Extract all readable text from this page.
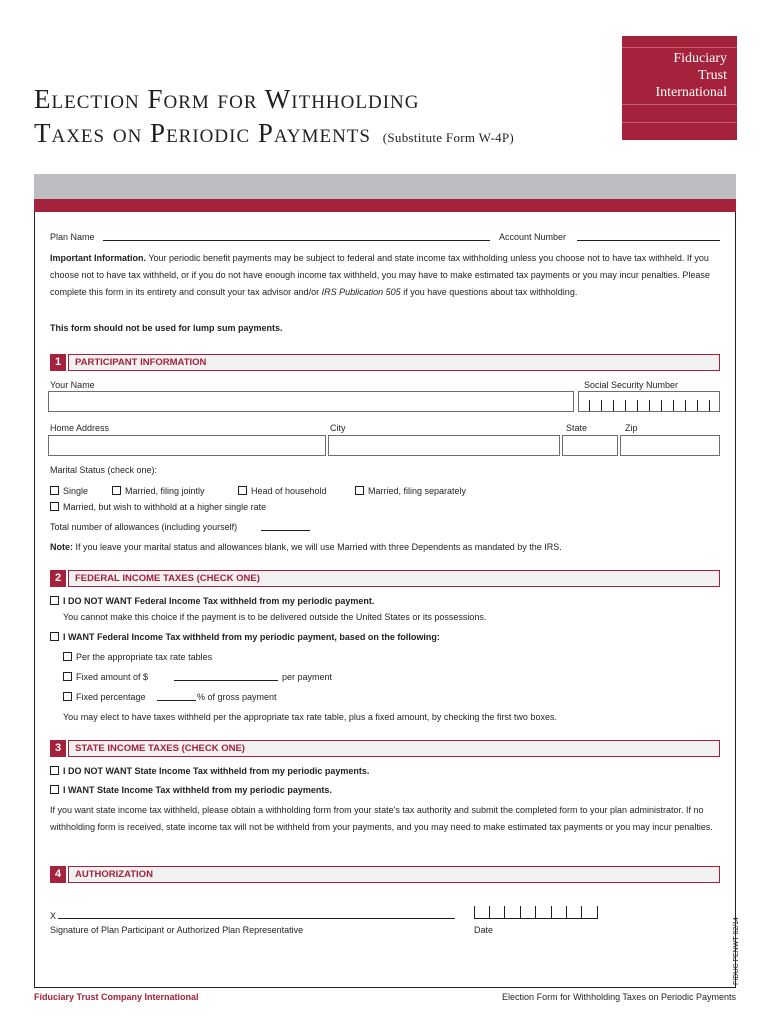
Election Form for Withholding
Taxes on Periodic Payments (Substitute Form W-4P)
Fiduciary
Trust
International
Plan Name	Account Number
Important Information. Your periodic benefit payments may be subject to federal and state income tax withholding unless you choose not to have tax withheld. If you choose not to have tax withheld, or if you do not have enough income tax withheld, you may have to make estimated tax payments or you may incur penalties. Please complete this form in its entirety and consult your tax advisor and/or IRS Publication 505 if you have questions about tax withholding.
This form should not be used for lump sum payments.
1	PARTICIPANT INFORMATION
Your Name	Social Security Number
Home Address	City	State	Zip
Marital Status (check one):
Single	Married, filing jointly	Head of household	Married, filing separately
Married, but wish to withhold at a higher single rate
Total number of allowances (including yourself)
Note: If you leave your marital status and allowances blank, we will use Married with three Dependents as mandated by the IRS.
2	FEDERAL INCOME TAXES (CHECK ONE)
I DO NOT WANT Federal Income Tax withheld from my periodic payment.
You cannot make this choice if the payment is to be delivered outside the United States or its possessions.
I WANT Federal Income Tax withheld from my periodic payment, based on the following:
Per the appropriate tax rate tables
Fixed amount of $	per payment
Fixed percentage	% of gross payment
You may elect to have taxes withheld per the appropriate tax rate table, plus a fixed amount, by checking the first two boxes.
3	STATE INCOME TAXES (CHECK ONE)
I DO NOT WANT State Income Tax withheld from my periodic payments.
I WANT State Income Tax withheld from my periodic payments.
If you want state income tax withheld, please obtain a withholding form from your state's tax authority and submit the completed form to your plan administrator. If no withholding form is received, state income tax will not be withheld from your payments, and you may need to make estimated tax payments or you may incur penalties.
4	AUTHORIZATION
X
Signature of Plan Participant or Authorized Plan Representative	Date	FIDUC PENWT 02/14
Fiduciary Trust Company International	Election Form for Withholding Taxes on Periodic Payments
